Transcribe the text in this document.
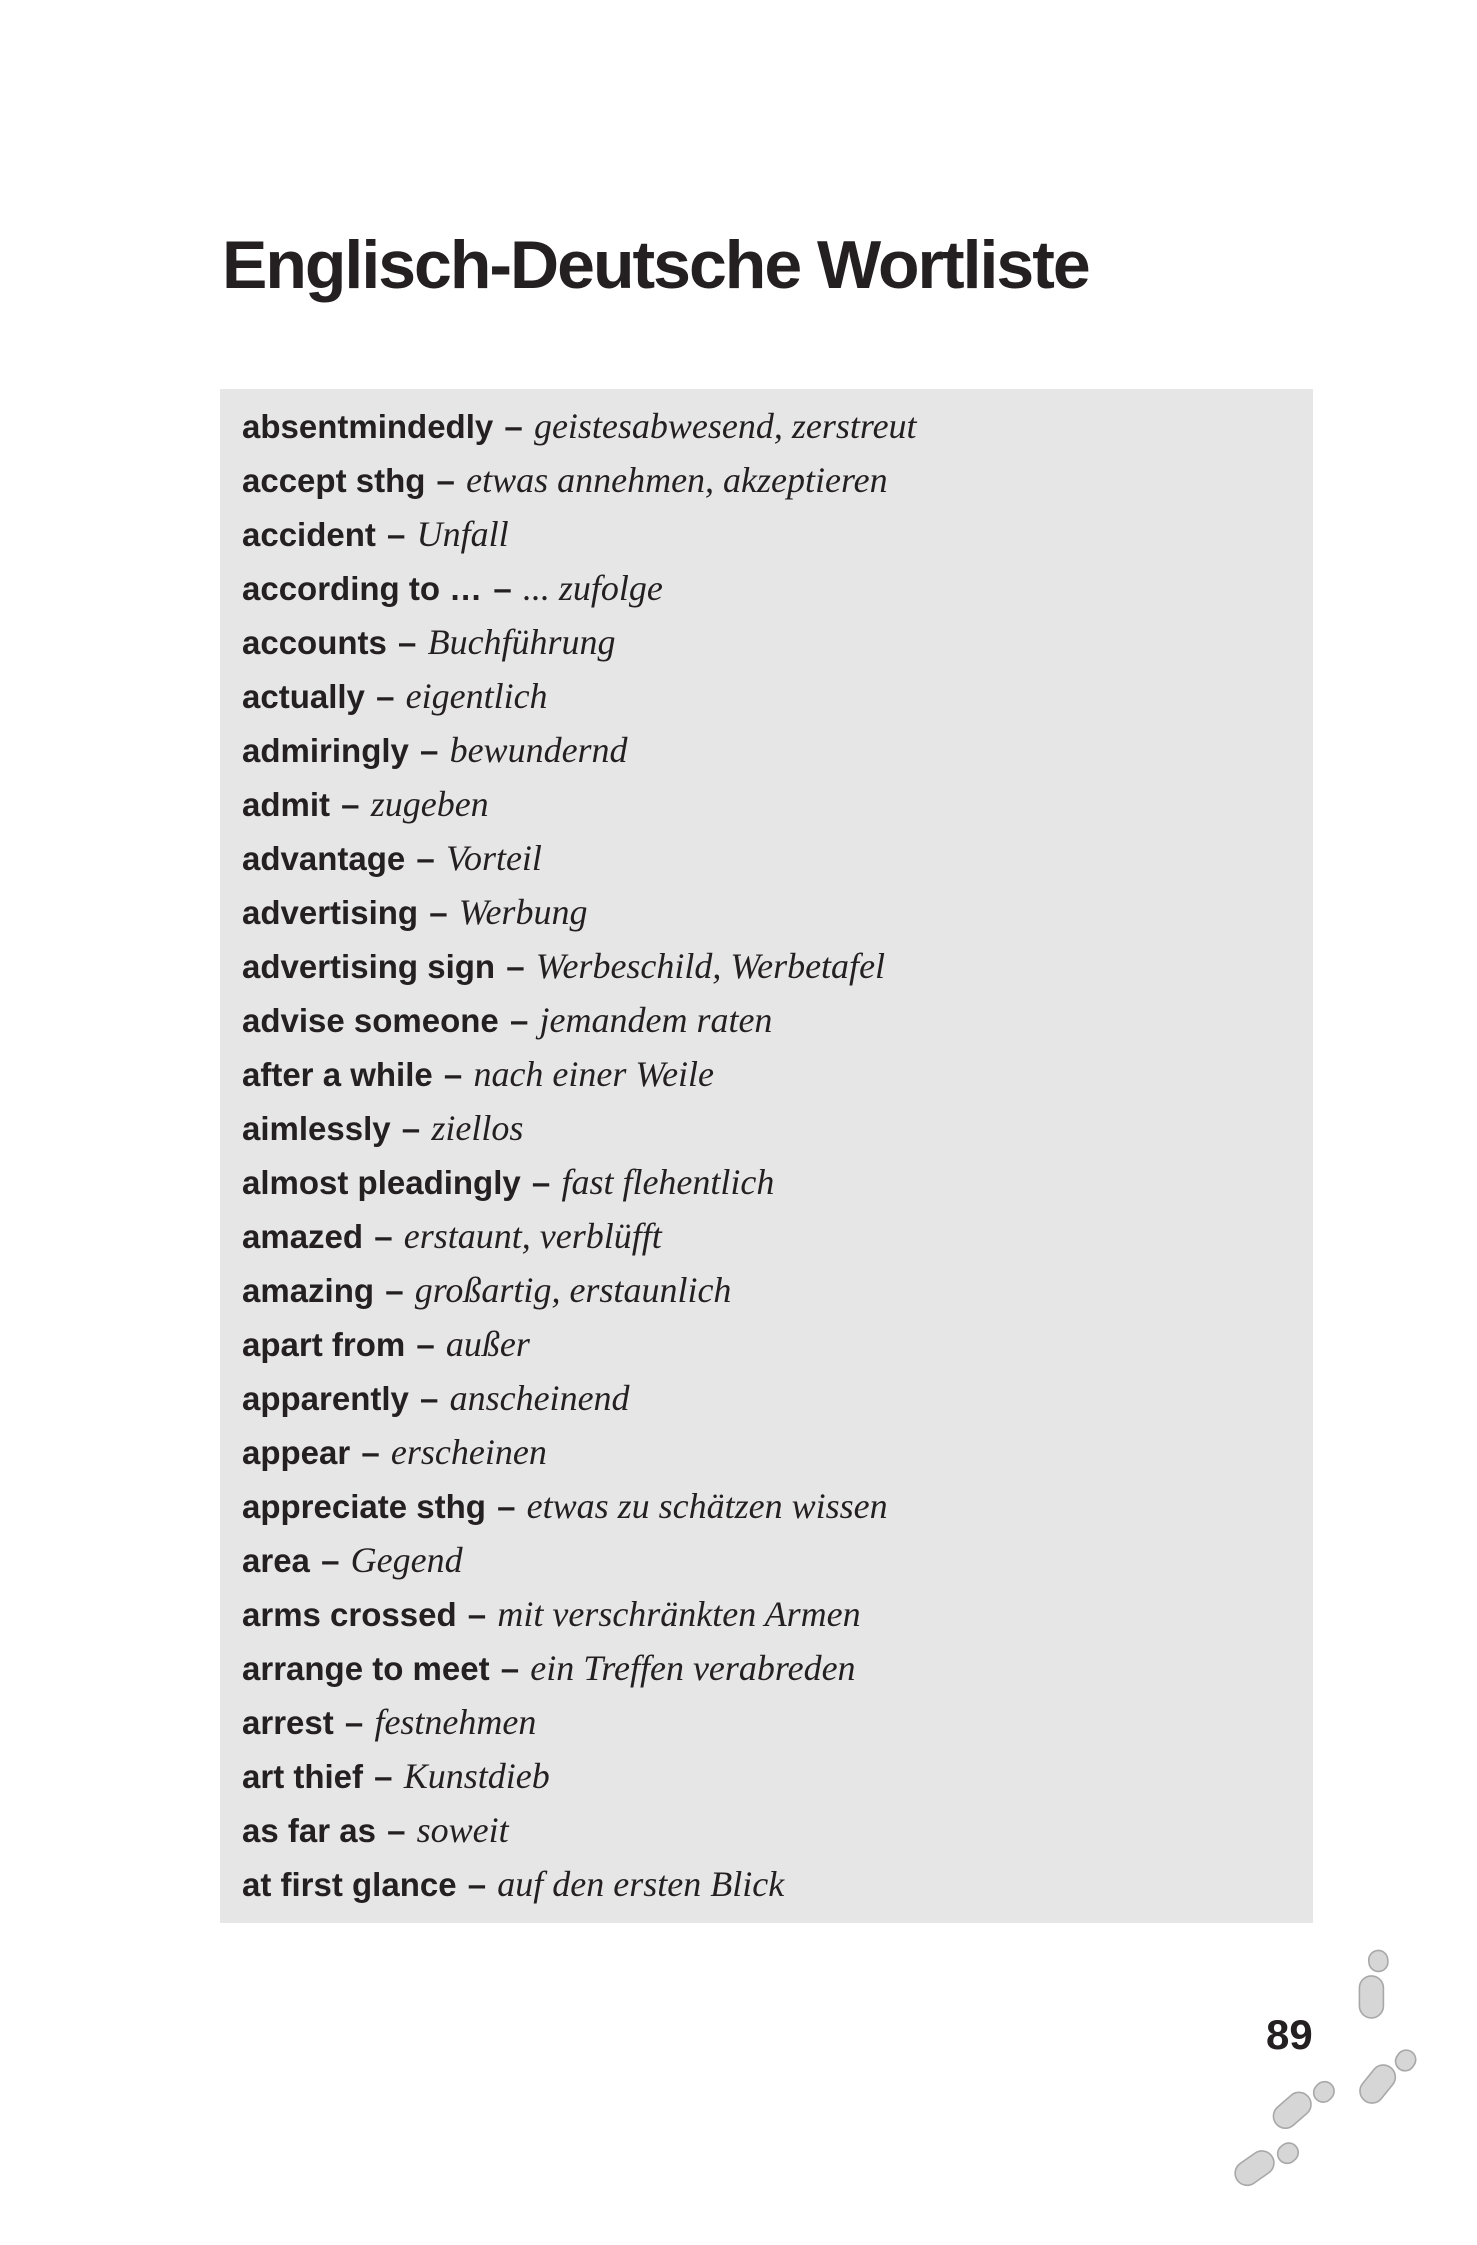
Englisch-Deutsche Wortliste
absentmindedly – geistesabwesend, zerstreut
accept sthg – etwas annehmen, akzeptieren
accident – Unfall
according to … – ... zufolge
accounts – Buchführung
actually – eigentlich
admiringly – bewundernd
admit – zugeben
advantage – Vorteil
advertising – Werbung
advertising sign – Werbeschild, Werbetafel
advise someone – jemandem raten
after a while – nach einer Weile
aimlessly – ziellos
almost pleadingly – fast flehentlich
amazed – erstaunt, verblüfft
amazing – großartig, erstaunlich
apart from – außer
apparently – anscheinend
appear – erscheinen
appreciate sthg – etwas zu schätzen wissen
area – Gegend
arms crossed – mit verschränkten Armen
arrange to meet – ein Treffen verabreden
arrest – festnehmen
art thief – Kunstdieb
as far as – soweit
at first glance – auf den ersten Blick
89
